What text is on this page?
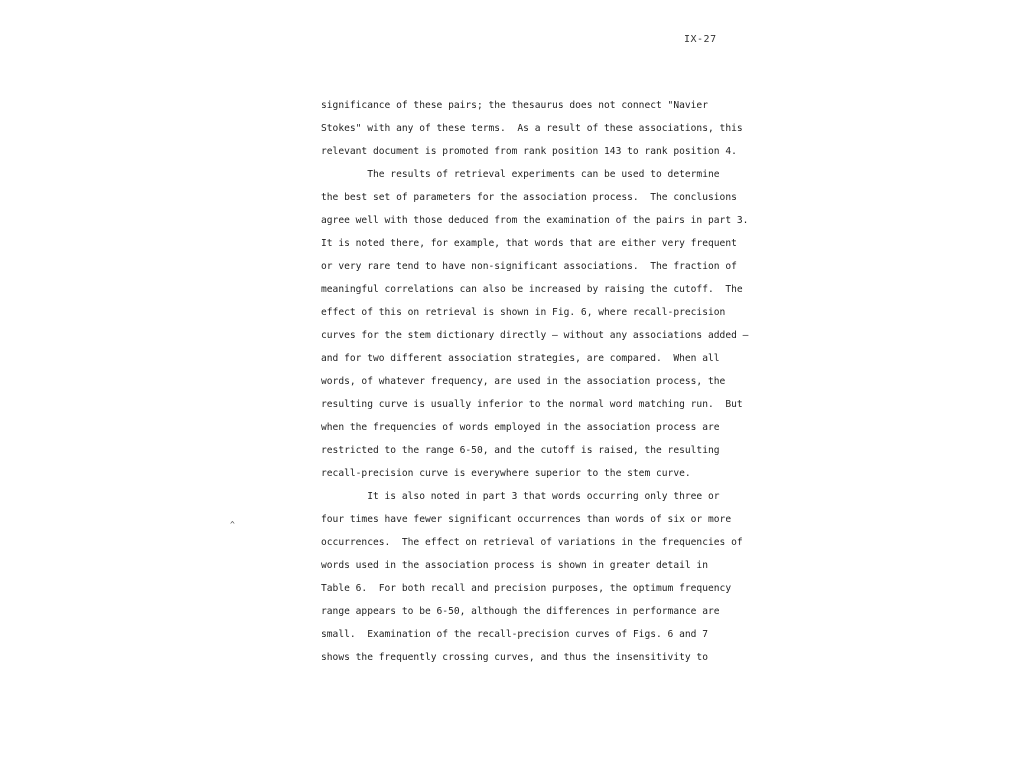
IX-27
^
significance of these pairs; the thesaurus does not connect "Navier
Stokes" with any of these terms.  As a result of these associations, this
relevant document is promoted from rank position 143 to rank position 4.
The results of retrieval experiments can be used to determine
the best set of parameters for the association process.  The conclusions
agree well with those deduced from the examination of the pairs in part 3.
It is noted there, for example, that words that are either very frequent
or very rare tend to have non-significant associations.  The fraction of
meaningful correlations can also be increased by raising the cutoff.  The
effect of this on retrieval is shown in Fig. 6, where recall-precision
curves for the stem dictionary directly — without any associations added —
and for two different association strategies, are compared.  When all
words, of whatever frequency, are used in the association process, the
resulting curve is usually inferior to the normal word matching run.  But
when the frequencies of words employed in the association process are
restricted to the range 6-50, and the cutoff is raised, the resulting
recall-precision curve is everywhere superior to the stem curve.
It is also noted in part 3 that words occurring only three or
four times have fewer significant occurrences than words of six or more
occurrences.  The effect on retrieval of variations in the frequencies of
words used in the association process is shown in greater detail in
Table 6.  For both recall and precision purposes, the optimum frequency
range appears to be 6-50, although the differences in performance are
small.  Examination of the recall-precision curves of Figs. 6 and 7
shows the frequently crossing curves, and thus the insensitivity to
